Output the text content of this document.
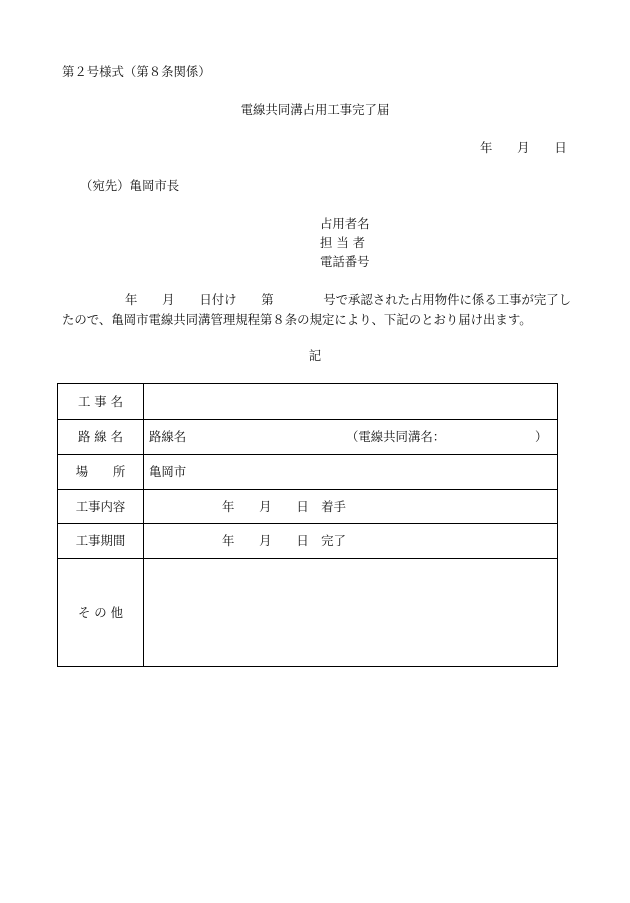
第２号様式（第８条関係）
電線共同溝占用工事完了届
年　　月　　日
（宛先）亀岡市長
占用者名
担 当 者
電話番号
年　　月　　日付け　　第　　　　号で承認された占用物件に係る工事が完了し
たので、亀岡市電線共同溝管理規程第８条の規定により、下記のとおり届け出ます。
記
工 事 名
路 線 名	路線名	（電線共同溝名：	）
場　　所	亀岡市
工事内容	年　　月　　日　着手
工事期間	年　　月　　日　完了
そ の 他
